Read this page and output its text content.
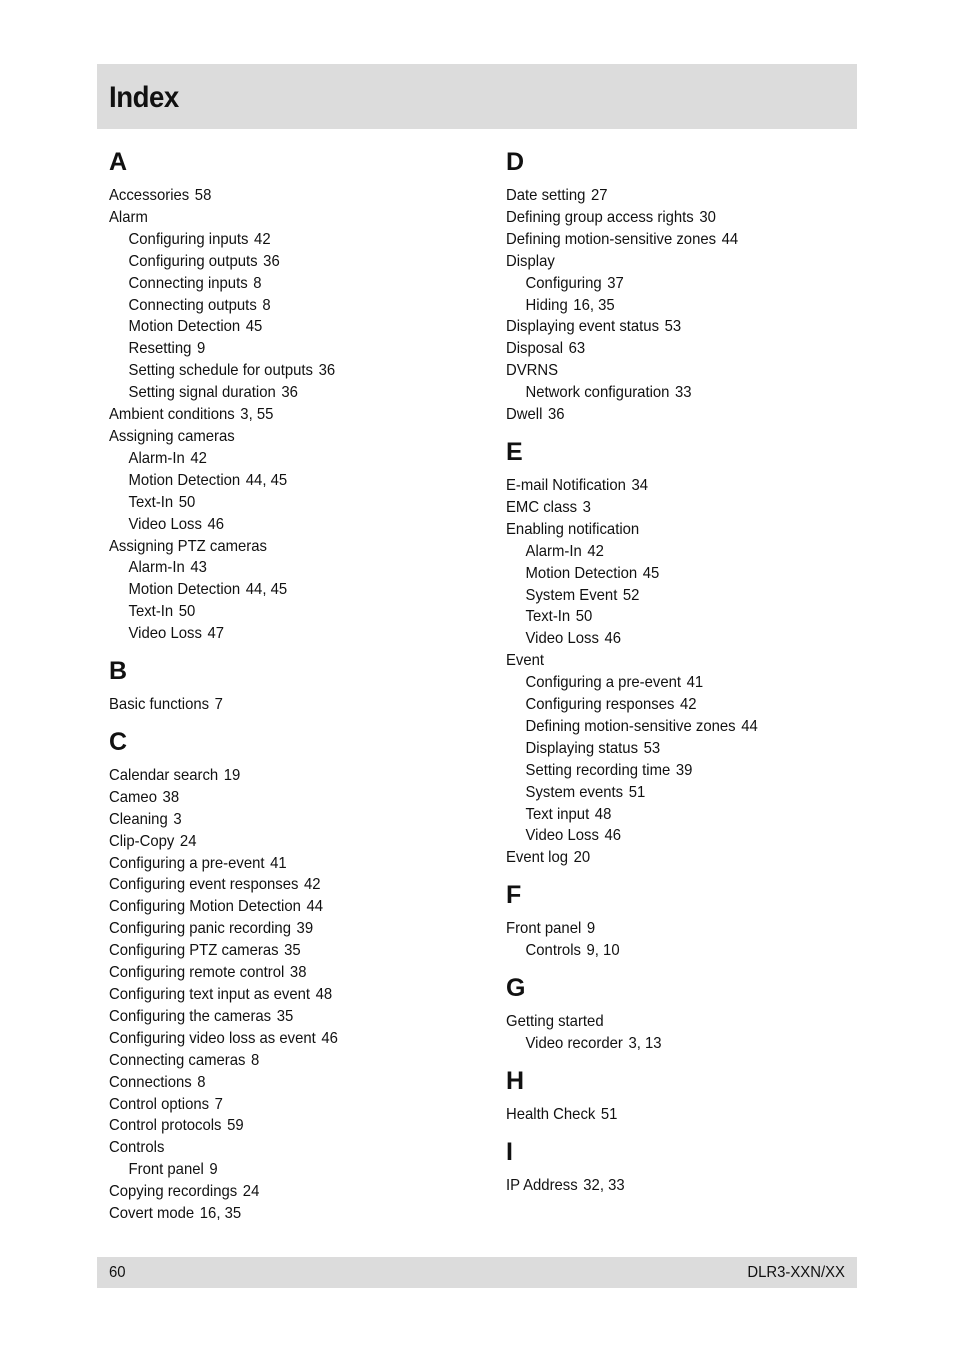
Index
A
Accessories 58
Alarm
Configuring inputs 42
Configuring outputs 36
Connecting inputs 8
Connecting outputs 8
Motion Detection 45
Resetting 9
Setting schedule for outputs 36
Setting signal duration 36
Ambient conditions 3, 55
Assigning cameras
Alarm-In 42
Motion Detection 44, 45
Text-In 50
Video Loss 46
Assigning PTZ cameras
Alarm-In 43
Motion Detection 44, 45
Text-In 50
Video Loss 47
B
Basic functions 7
C
Calendar search 19
Cameo 38
Cleaning 3
Clip-Copy 24
Configuring a pre-event 41
Configuring event responses 42
Configuring Motion Detection 44
Configuring panic recording 39
Configuring PTZ cameras 35
Configuring remote control 38
Configuring text input as event 48
Configuring the cameras 35
Configuring video loss as event 46
Connecting cameras 8
Connections 8
Control options 7
Control protocols 59
Controls
Front panel 9
Copying recordings 24
Covert mode 16, 35
D
Date setting 27
Defining group access rights 30
Defining motion-sensitive zones 44
Display
Configuring 37
Hiding 16, 35
Displaying event status 53
Disposal 63
DVRNS
Network configuration 33
Dwell 36
E
E-mail Notification 34
EMC class 3
Enabling notification
Alarm-In 42
Motion Detection 45
System Event 52
Text-In 50
Video Loss 46
Event
Configuring a pre-event 41
Configuring responses 42
Defining motion-sensitive zones 44
Displaying status 53
Setting recording time 39
System events 51
Text input 48
Video Loss 46
Event log 20
F
Front panel 9
Controls 9, 10
G
Getting started
Video recorder 3, 13
H
Health Check 51
I
IP Address 32, 33
60	DLR3-XXN/XX
